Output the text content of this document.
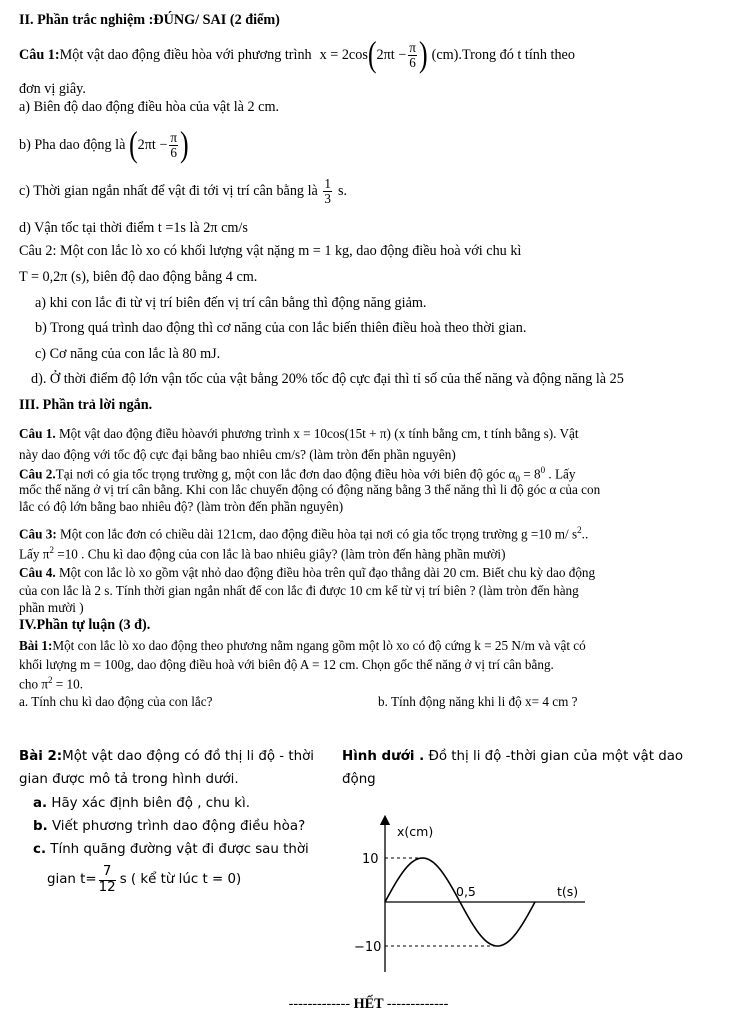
II. Phần trắc nghiệm :ĐÚNG/ SAI (2 điểm)
Câu 1: Một vật dao động điều hòa với phương trình x = 2cos ( $2\pi t - \frac{\pi}{6}$ ) (cm). Trong đó t tính theo
đơn vị giây.
a) Biên độ dao động điều hòa của vật là 2 cm.
b) Pha dao động là
( $2\pi t - \frac{\pi}{6}$ )
c) Thời gian ngắn nhất để vật đi tới vị trí cân bằng là
$\frac{1}{3} s$.
d) Vận tốc tại thời điểm t =1s là 2π cm/s
Câu 2: Một con lắc lò xo có khối lượng vật nặng m = 1 kg, dao động điều hoà với chu kì
T = 0,2π (s), biên độ dao động bằng 4 cm.
a) khi con lắc đi từ vị trí biên đến vị trí cân bằng thì động năng giảm.
b) Trong quá trình dao động thì cơ năng của con lắc biến thiên điều hoà theo thời gian.
c) Cơ năng của con lắc là 80 mJ.
d). Ở thời điểm độ lớn vận tốc của vật bằng 20% tốc độ cực đại thì tỉ số của thế năng và động năng là 25
III. Phần trả lời ngắn.
Câu 1. Một vật dao động điều hòavới phương trình x = 10cos(15t + π) (x tính bằng cm, t tính bằng s). Vật
này dao động với tốc độ cực đại bằng bao nhiêu cm/s? (làm tròn đến phần nguyên)
Câu 2.Tại nơi có gia tốc trọng trường g, một con lắc đơn dao động điều hòa với biên độ góc $\alpha_0 = 8^0$ . Lấy
mốc thế năng ở vị trí cân bằng. Khi con lắc chuyển động có động năng bằng 3 thế năng thì li độ góc α của con
lắc có độ lớn bằng bao nhiêu độ? (làm tròn đến phần nguyên)
Câu 3: Một con lắc đơn có chiều dài 121cm, dao động điều hòa tại nơi có gia tốc trọng trường g =10 m/ $s^2$..
Lấy $\pi^2 =10$ . Chu kì dao động của con lắc là bao nhiêu giây? (làm tròn đến hàng phần mười)
Câu 4. Một con lắc lò xo gồm vật nhỏ dao động điều hòa trên quĩ đạo thẳng dài 20 cm. Biết chu kỳ dao động
của con lắc là 2 s. Tính thời gian ngắn nhất để con lắc đi được 10 cm kể từ vị trí biên ? (làm tròn đến hàng
phần mười )
IV.Phần tự luận (3 đ).
Bài 1:Một con lắc lò xo dao động theo phương nằm ngang gồm một lò xo có độ cứng k = 25 N/m và vật có
khối lượng m = 100g, dao động điều hoà với biên độ A = 12 cm. Chọn gốc thế năng ở vị trí cân bằng.
cho $\pi^2 = 10$.
a. Tính chu kì dao động của con lắc?	b. Tính động năng khi li độ x= 4 cm ?
Bài 2:Một vật dao động có đồ thị li độ - thời
gian được mô tả trong hình dưới.
a. Hãy xác định biên độ , chu kì.
b. Viết phương trình dao động điều hòa?
c. Tính quãng đường vật đi được sau thời
gian $t= \frac{7}{12}$ s ( kể từ lúc t = 0)
Hình dưới . Đồ thị li độ -thời gian của một vật dao
động
x(cm)
t(s)
10
−10
0,5
------------- HẾT -------------
